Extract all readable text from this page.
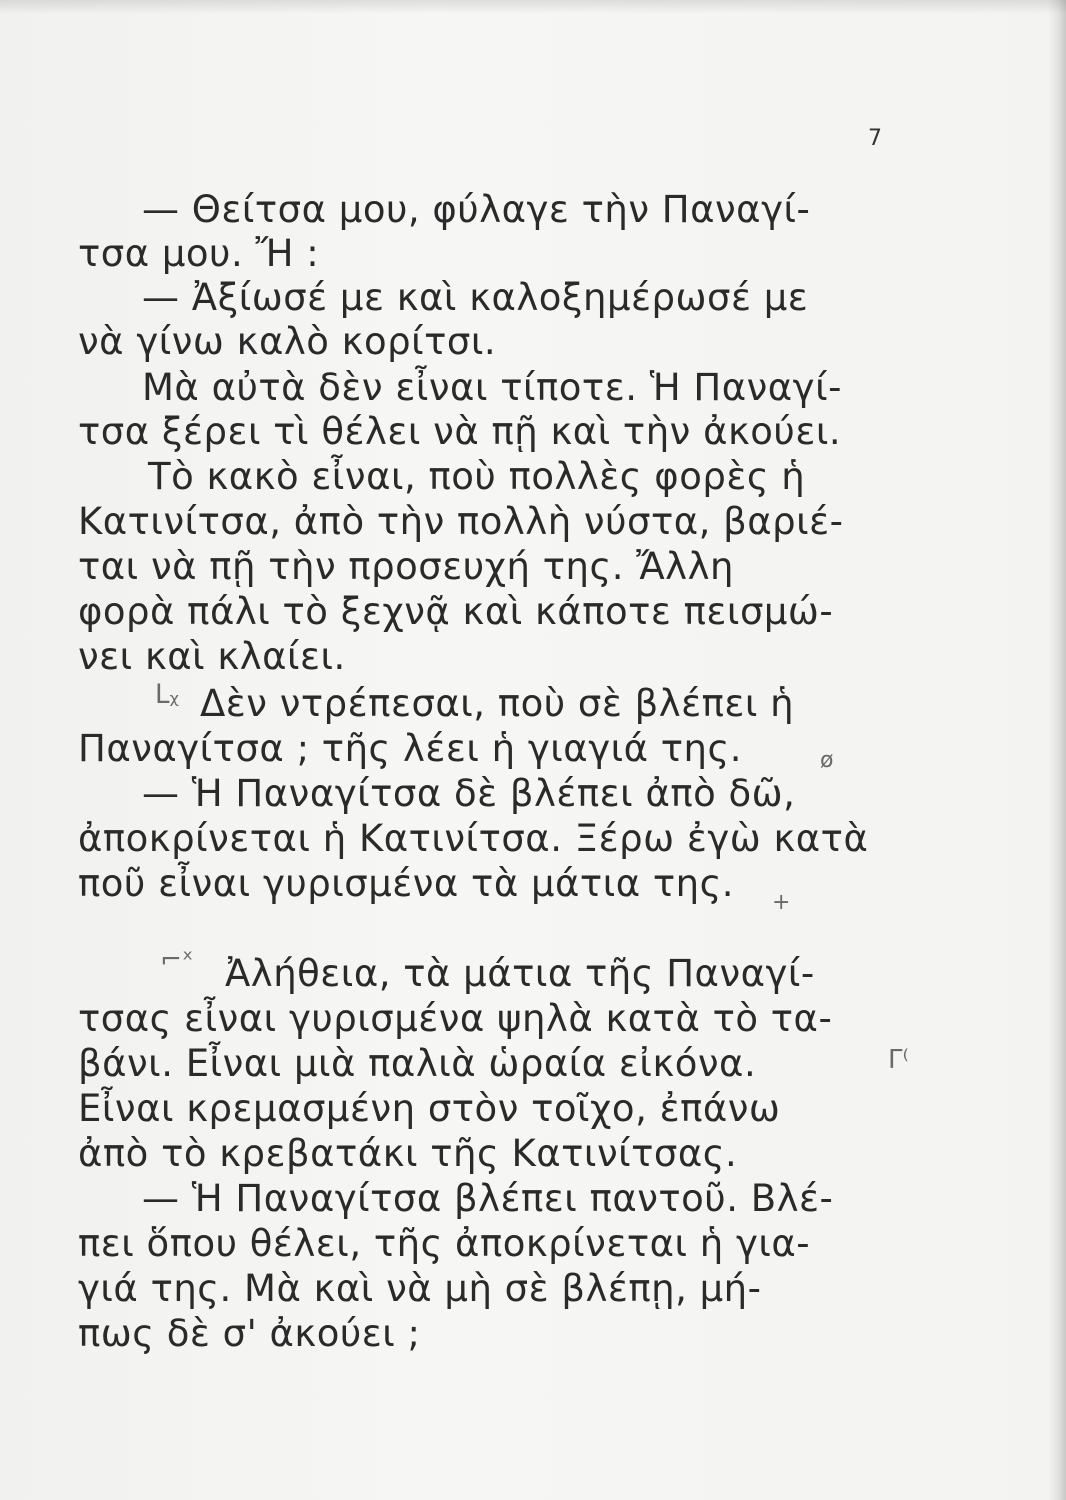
7
— Θείτσα μου, φύλαγε τὴν Παναγί-
τσα μου. Ἤ :
— Ἀξίωσέ με καὶ καλοξημέρωσέ με
νὰ γίνω καλὸ κορίτσι.
Μὰ αὐτὰ δὲν εἶναι τίποτε. Ἡ Παναγί-
τσα ξέρει τὶ θέλει νὰ πῇ καὶ τὴν ἀκούει.
Τὸ κακὸ εἶναι, ποὺ πολλὲς φορὲς ἡ
Κατινίτσα, ἀπὸ τὴν πολλὴ νύστα, βαριέ-
ται νὰ πῇ τὴν προσευχή της. Ἄλλη
φορὰ πάλι τὸ ξεχνᾷ καὶ κάποτε πεισμώ-
νει καὶ κλαίει.
ᒪᵪ Δὲν ντρέπεσαι, ποὺ σὲ βλέπει ἡ
Παναγίτσα ; τῆς λέει ἡ γιαγιά της.	ø
— Ἡ Παναγίτσα δὲ βλέπει ἀπὸ δῶ,
ἀποκρίνεται ἡ Κατινίτσα. Ξέρω ἐγὼ κατὰ
ποῦ εἶναι γυρισμένα τὰ μάτια της. +
⌐ˣ Ἀλήθεια, τὰ μάτια τῆς Παναγί-
τσας εἶναι γυρισμένα ψηλὰ κατὰ τὸ τα-
βάνι. Εἶναι μιὰ παλιὰ ὡραία εἰκόνα.	Γ⁽
Εἶναι κρεμασμένη στὸν τοῖχο, ἐπάνω
ἀπὸ τὸ κρεβατάκι τῆς Κατινίτσας.
— Ἡ Παναγίτσα βλέπει παντοῦ. Βλέ-
πει ὅπου θέλει, τῆς ἀποκρίνεται ἡ για-
γιά της. Μὰ καὶ νὰ μὴ σὲ βλέπῃ, μή-
πως δὲ σ' ἀκούει ;
